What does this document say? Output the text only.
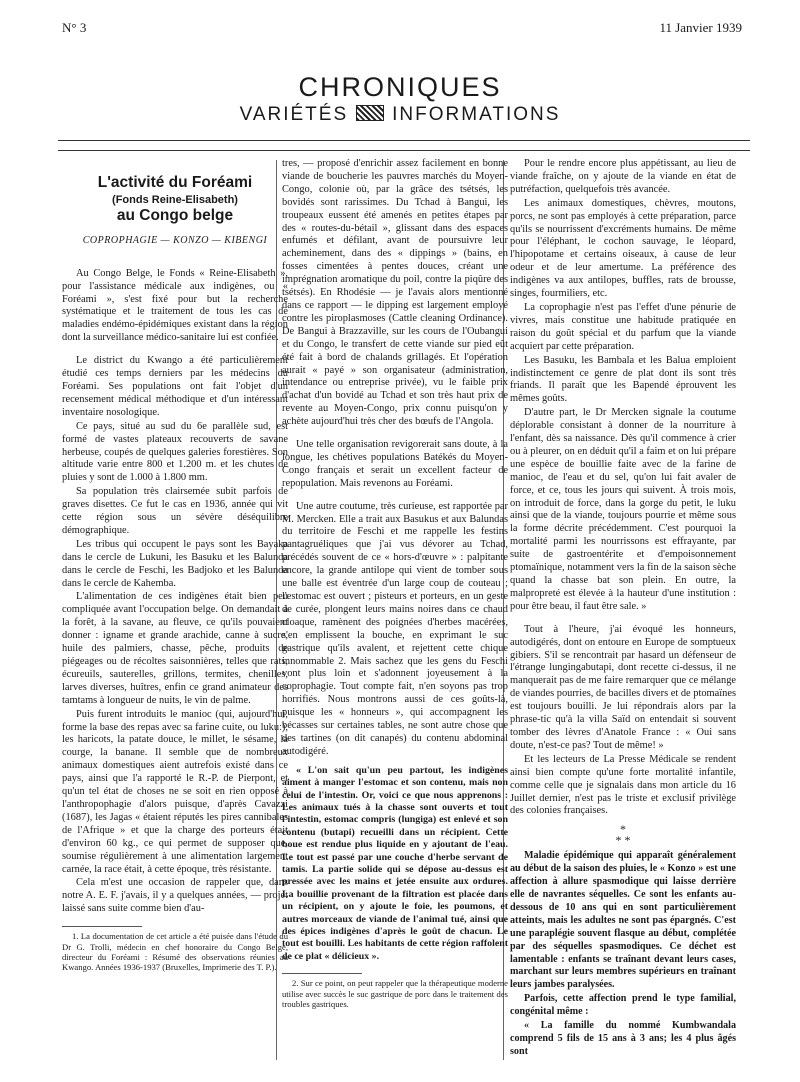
N° 3	11 Janvier 1939
CHRONIQUES
VARIÉTÉS INFORMATIONS
L'activité du Foréami
(Fonds Reine-Elisabeth)
au Congo belge
COPROPHAGIE — KONZO — KIBENGI

Au Congo Belge, le Fonds « Reine-Elisabeth », pour l'assistance médicale aux indigènes, ou « Foréami », s'est fixé pour but la recherche systématique et le traitement de tous les cas de maladies endémo-épidémiques existant dans la région dont la surveillance médico-sanitaire lui est confiée.

Le district du Kwango a été particulièrement étudié ces temps derniers par les médecins du Foréami. Ses populations ont fait l'objet d'un recensement médical méthodique et d'un intéressant inventaire nosologique.

Ce pays, situé au sud du 6e parallèle sud, est formé de vastes plateaux recouverts de savane herbeuse, coupés de quelques galeries forestières. Son altitude varie entre 800 et 1.200 m. et les chutes de pluies y sont de 1.000 à 1.800 mm.

Sa population très clairsemée subit parfois de graves disettes. Ce fut le cas en 1936, année qui vit cette région sous un sévère déséquilibre démographique.

Les tribus qui occupent le pays sont les Bayaka dans le cercle de Lukuni, les Basuku et les Balunda dans le cercle de Feschi, les Badjoko et les Balunda dans le cercle de Kahemba.

L'alimentation de ces indigènes était bien peu compliquée avant l'occupation belge. On demandait à la forêt, à la savane, au fleuve, ce qu'ils pouvaient donner : igname et grande arachide, canne à sucre, huile des palmiers, chasse, pêche, produits de piégeages ou de récoltes saisonnières, telles que rats, écureuils, sauterelles, grillons, termites, chenilles, larves diverses, huîtres, enfin ce grand animateur des tamtams à longueur de nuits, le vin de palme.

Puis furent introduits le manioc (qui, aujourd'hui, forme la base des repas avec sa farine cuite, ou lukuː), les haricots, la patate douce, le millet, le sésame, la courge, la banane. Il semble que de nombreux animaux domestiques aient autrefois existé dans ce pays, ainsi que l'a rapporté le R.-P. de Pierpont, et qu'un tel état de choses ne se soit en rien opposé à l'anthropophagie d'alors puisque, d'après Cavazzi (1687), les Jagas « étaient réputés les pires cannibales de l'Afrique » et que la charge des porteurs était d'environ 60 kg., ce qui permet de supposer que, soumise régulièrement à une alimentation largement carnée, la race était, à cette époque, très résistante.

Cela m'est une occasion de rappeler que, dans notre A. E. F. j'avais, il y a quelques années, — projet laissé sans suite comme bien d'au-

1. La documentation de cet article a été puisée dans l'étude du Dr G. Trolli, médecin en chef honoraire du Congo Belge, directeur du Foréami : Résumé des observations réunies au Kwango. Années 1936-1937 (Bruxelles, Imprimerie des T. P.).

tres, — proposé d'enrichir assez facilement en bonne viande de boucherie les pauvres marchés du Moyen-Congo, colonie où, par la grâce des tsétsés, les bovidés sont rarissimes. Du Tchad à Bangui, les troupeaux eussent été amenés en petites étapes par des « routes-du-bétail », glissant dans des espaces enfumés et défilant, avant de poursuivre leur acheminement, dans des « dippings » (bains, en fosses cimentées à pentes douces, créant une imprégnation aromatique du poil, contre la piqûre des tsétsés). En Rhodésie — je l'avais alors mentionné dans ce rapport — le dipping est largement employé contre les piroplasmoses (Cattle cleaning Ordinance). De Bangui à Brazzaville, sur les cours de l'Oubangui et du Congo, le transfert de cette viande sur pied eût été fait à bord de chalands grillagés. Et l'opération aurait « payé » son organisateur (administration, intendance ou entreprise privée), vu le faible prix d'achat d'un bovidé au Tchad et son très haut prix de revente au Moyen-Congo, prix connu puisqu'on y achète aujourd'hui très cher des bœufs de l'Angola.

Une telle organisation revigorerait sans doute, à la longue, les chétives populations Batékés du Moyen-Congo français et serait un excellent facteur de repopulation. Mais revenons au Foréami.

Une autre coutume, très curieuse, est rapportée par M. Mercken. Elle a trait aux Basukus et aux Balundas du territoire de Feschi et me rappelle les festins pantagruéliques que j'ai vus dévorer au Tchad, précédés souvent de ce « hors-d'œuvre » : palpitante encore, la grande antilope qui vient de tomber sous une balle est éventrée d'un large coup de couteau ; l'estomac est ouvert ; pisteurs et porteurs, en un geste de curée, plongent leurs mains noires dans ce chaud cloaque, ramènent des poignées d'herbes macérées, s'en emplissent la bouche, en exprimant le suc gastrique qu'ils avalent, et rejettent cette chique innommable 2. Mais sachez que les gens du Feschi vont plus loin et s'adonnent joyeusement à la coprophagie. Tout compte fait, n'en soyons pas trop horrifiés. Nous montrons aussi de ces goûts-là, puisque les « honneurs », qui accompagnent les bécasses sur certaines tables, ne sont autre chose que des tartines (on dit canapés) du contenu abdominal autodigéré.

« L'on sait qu'un peu partout, les indigènes aiment à manger l'estomac et son contenu, mais non celui de l'intestin. Or, voici ce que nous apprenons : Les animaux tués à la chasse sont ouverts et tout l'intestin, estomac compris (lungiga) est enlevé et son contenu (butapi) recueilli dans un récipient. Cette boue est rendue plus liquide en y ajoutant de l'eau. Le tout est passé par une couche d'herbe servant de tamis. La partie solide qui se dépose au-dessus est pressée avec les mains et jetée ensuite aux ordures. La bouillie provenant de la filtration est placée dans un récipient, on y ajoute le foie, les poumons, et autres morceaux de viande de l'animal tué, ainsi que des épices indigènes d'après le goût de chacun. Le tout est bouilli. Les habitants de cette région raffolent de ce plat « délicieux ».

2. Sur ce point, on peut rappeler que la thérapeutique moderne utilise avec succès le suc gastrique de porc dans le traitement des troubles gastriques.

Pour le rendre encore plus appétissant, au lieu de viande fraîche, on y ajoute de la viande en état de putréfaction, quelquefois très avancée.

Les animaux domestiques, chèvres, moutons, porcs, ne sont pas employés à cette préparation, parce qu'ils se nourrissent d'excréments humains. De même pour l'éléphant, le cochon sauvage, le léopard, l'hipopotame et certains oiseaux, à cause de leur odeur et de leur amertume. La préférence des indigènes va aux antilopes, buffles, rats de brousse, singes, fourmiliers, etc.

La coprophagie n'est pas l'effet d'une pénurie de vivres, mais constitue une habitude pratiquée en raison du goût spécial et du parfum que la viande acquiert par cette préparation.

Les Basuku, les Bambala et les Balua emploient indistinctement ce genre de plat dont ils sont très friands. Il paraît que les Bapendé éprouvent les mêmes goûts.

D'autre part, le Dr Mercken signale la coutume déplorable consistant à donner de la nourriture à l'enfant, dès sa naissance. Dès qu'il commence à crier ou à pleurer, on en déduit qu'il a faim et on lui prépare une espèce de bouillie faite avec de la farine de manioc, de l'eau et du sel, qu'on lui fait avaler de force, et ce, tous les jours qui suivent. À trois mois, on introduit de force, dans la gorge du petit, le luku ainsi que de la viande, toujours pourrie et même sous la forme décrite précédemment. C'est pourquoi la mortalité parmi les nourrissons est effrayante, par suite de gastroentérite et d'empoisonnement ptomaïnique, notamment vers la fin de la saison sèche quand la chasse bat son plein. En outre, la malpropreté est élevée à la hauteur d'une institution : pour être beau, il faut être sale. »

Tout à l'heure, j'ai évoqué les honneurs, autodigérés, dont on entoure en Europe de somptueux gibiers. S'il se rencontrait par hasard un défenseur de l'étrange lungingabutapi, dont recette ci-dessus, il ne manquerait pas de me faire remarquer que ce mélange de viandes pourries, de bacilles divers et de ptomaïnes est toujours bouilli. Je lui répondrais alors par la phrase-tic qu'à la villa Saïd on entendait si souvent tomber des lèvres d'Anatole France : « Oui sans doute, n'est-ce pas? Tout de même! »

Et les lecteurs de La Presse Médicale se rendent ainsi bien compte qu'une forte mortalité infantile, comme celle que je signalais dans mon article du 16 Juillet dernier, n'est pas le triste et exclusif privilège des colonies françaises.

*
* *

Maladie épidémique qui apparaît généralement au début de la saison des pluies, le « Konzo » est une affection à allure spasmodique qui laisse derrière elle de navrantes séquelles. Ce sont les enfants au-dessous de 10 ans qui en sont particulièrement atteints, mais les adultes ne sont pas épargnés. C'est une paraplégie souvent flasque au début, complétée par des séquelles spasmodiques. Ce déchet est lamentable : enfants se traînant devant leurs cases, marchant sur leurs membres supérieurs en traînant leurs jambes paralysées.

Parfois, cette affection prend le type familial, congénital même :

« La famille du nommé Kumbwandala comprend 5 fils de 15 ans à 3 ans; les 4 plus âgés sont
